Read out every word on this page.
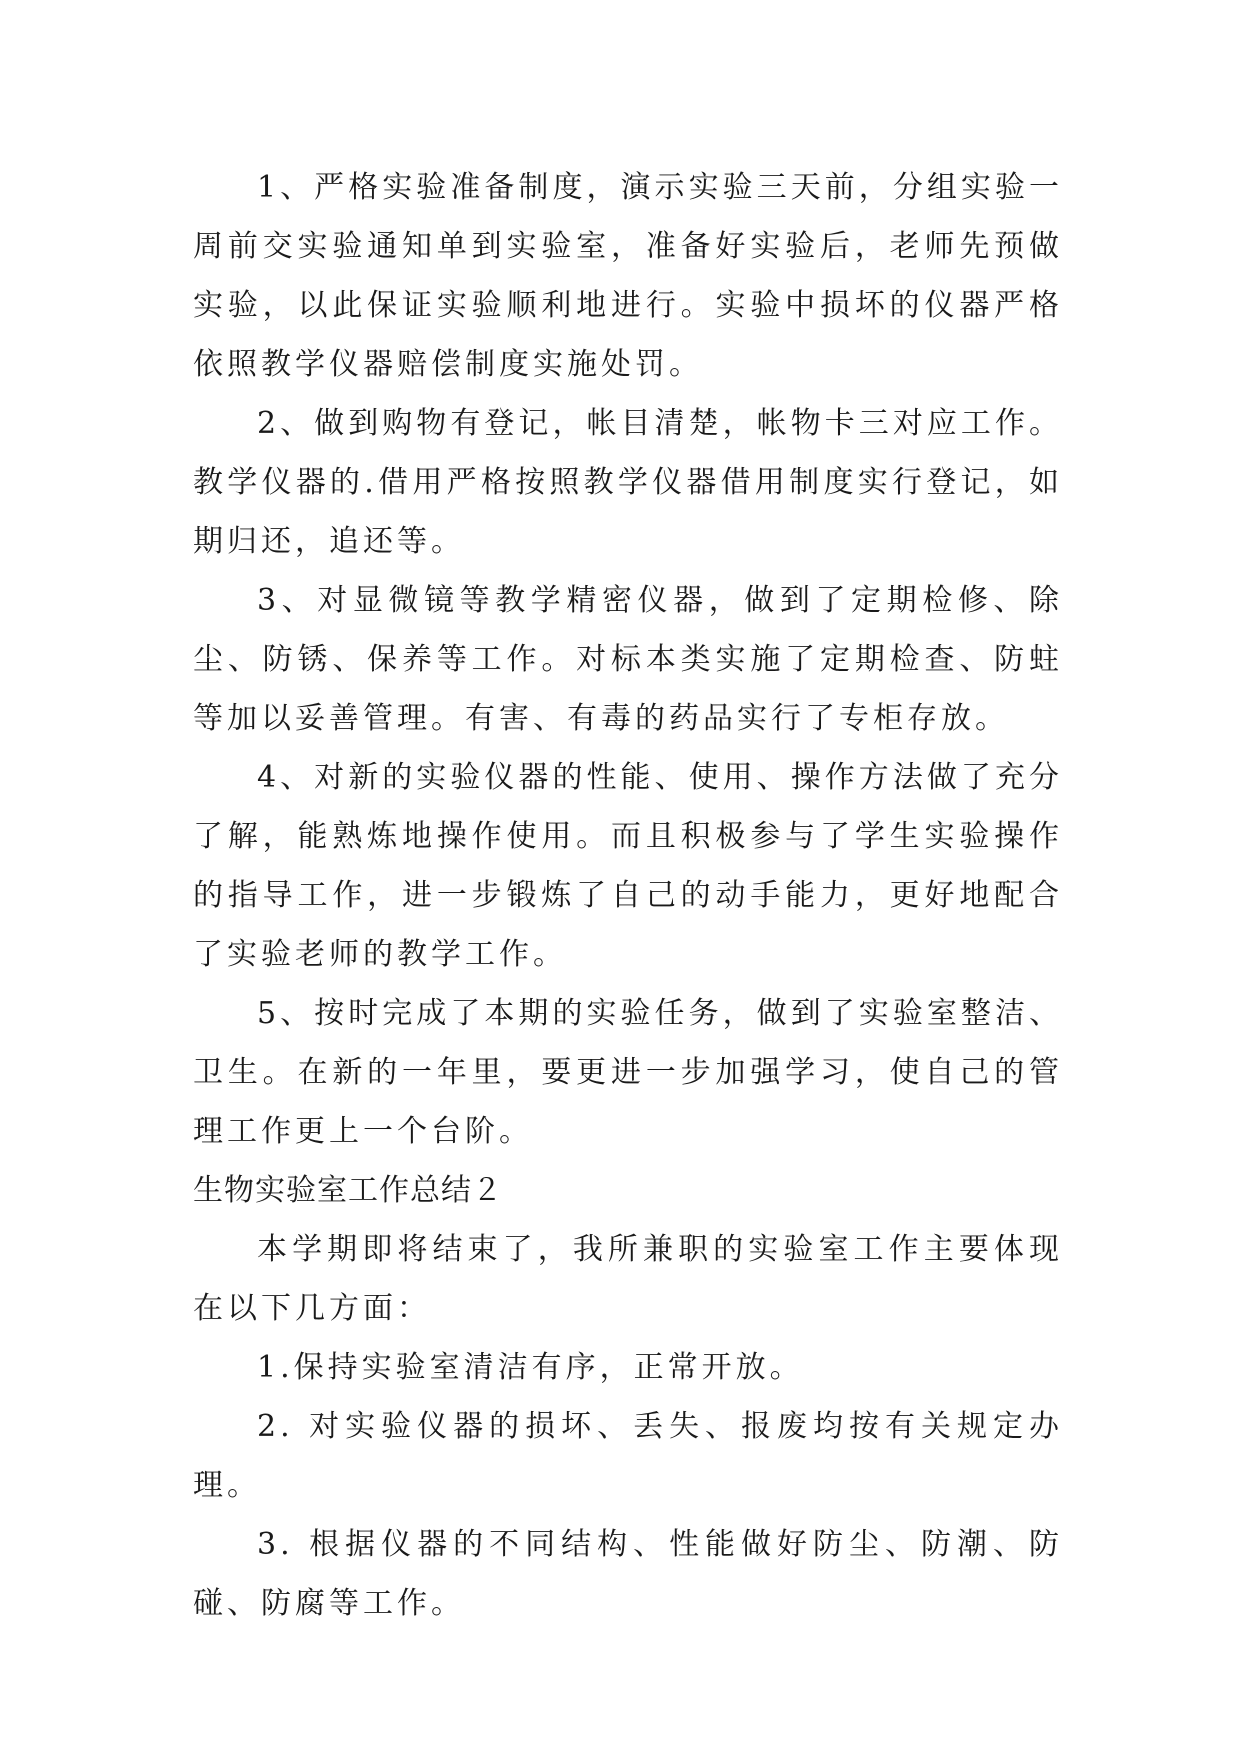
1、严格实验准备制度，演示实验三天前，分组实验一周前交实验通知单到实验室，准备好实验后，老师先预做实验，以此保证实验顺利地进行。实验中损坏的仪器严格依照教学仪器赔偿制度实施处罚。

2、做到购物有登记，帐目清楚，帐物卡三对应工作。教学仪器的.借用严格按照教学仪器借用制度实行登记，如期归还，追还等。

3、对显微镜等教学精密仪器，做到了定期检修、除尘、防锈、保养等工作。对标本类实施了定期检查、防蛀等加以妥善管理。有害、有毒的药品实行了专柜存放。

4、对新的实验仪器的性能、使用、操作方法做了充分了解，能熟炼地操作使用。而且积极参与了学生实验操作的指导工作，进一步锻炼了自己的动手能力，更好地配合了实验老师的教学工作。

5、按时完成了本期的实验任务，做到了实验室整洁、卫生。在新的一年里，要更进一步加强学习，使自己的管理工作更上一个台阶。

生物实验室工作总结２

本学期即将结束了，我所兼职的实验室工作主要体现在以下几方面：

1.保持实验室清洁有序，正常开放。

2. 对实验仪器的损坏、丢失、报废均按有关规定办理。

3. 根据仪器的不同结构、性能做好防尘、防潮、防碰、防腐等工作。
